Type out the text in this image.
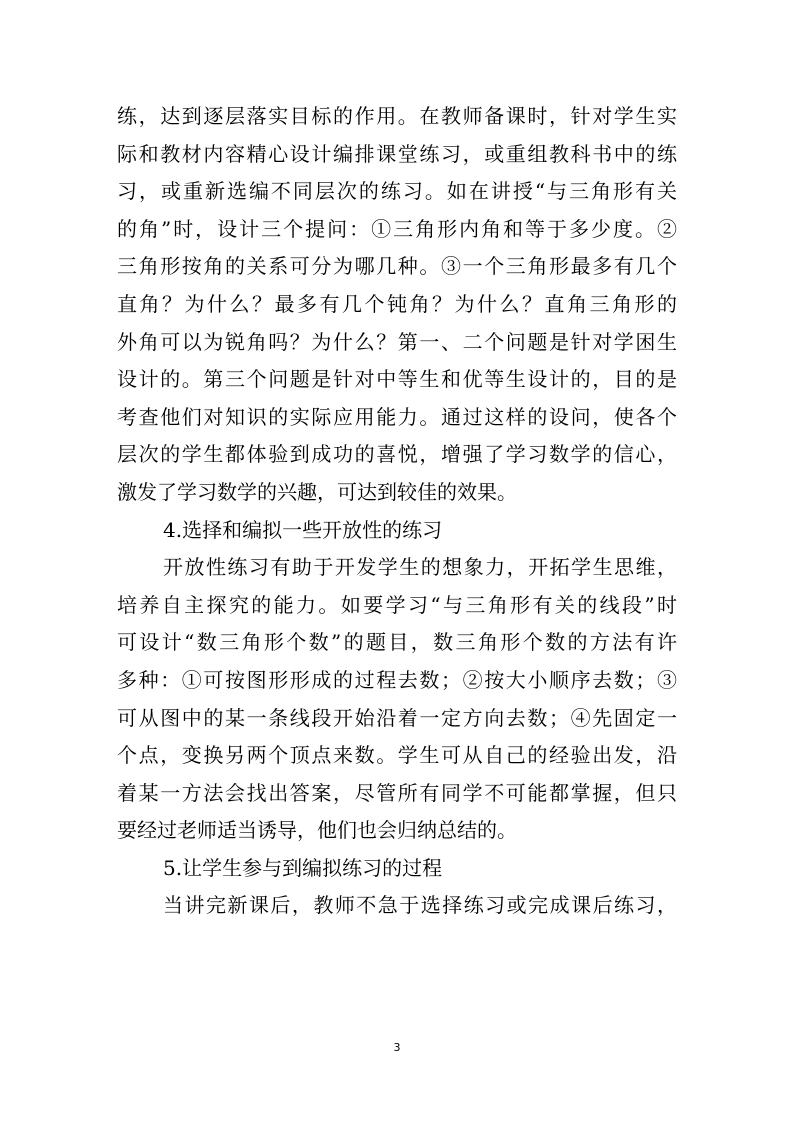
练，达到逐层落实目标的作用。在教师备课时，针对学生实
际和教材内容精心设计编排课堂练习，或重组教科书中的练
习，或重新选编不同层次的练习。如在讲授“与三角形有关
的角”时，设计三个提问：①三角形内角和等于多少度。②
三角形按角的关系可分为哪几种。③一个三角形最多有几个
直角？为什么？最多有几个钝角？为什么？直角三角形的
外角可以为锐角吗？为什么？第一、二个问题是针对学困生
设计的。第三个问题是针对中等生和优等生设计的，目的是
考查他们对知识的实际应用能力。通过这样的设问，使各个
层次的学生都体验到成功的喜悦，增强了学习数学的信心，
激发了学习数学的兴趣，可达到较佳的效果。
4.选择和编拟一些开放性的练习
开放性练习有助于开发学生的想象力，开拓学生思维，
培养自主探究的能力。如要学习“与三角形有关的线段”时
可设计“数三角形个数”的题目，数三角形个数的方法有许
多种：①可按图形形成的过程去数；②按大小顺序去数；③
可从图中的某一条线段开始沿着一定方向去数；④先固定一
个点，变换另两个顶点来数。学生可从自己的经验出发，沿
着某一方法会找出答案，尽管所有同学不可能都掌握，但只
要经过老师适当诱导，他们也会归纳总结的。
5.让学生参与到编拟练习的过程
当讲完新课后，教师不急于选择练习或完成课后练习，
3
